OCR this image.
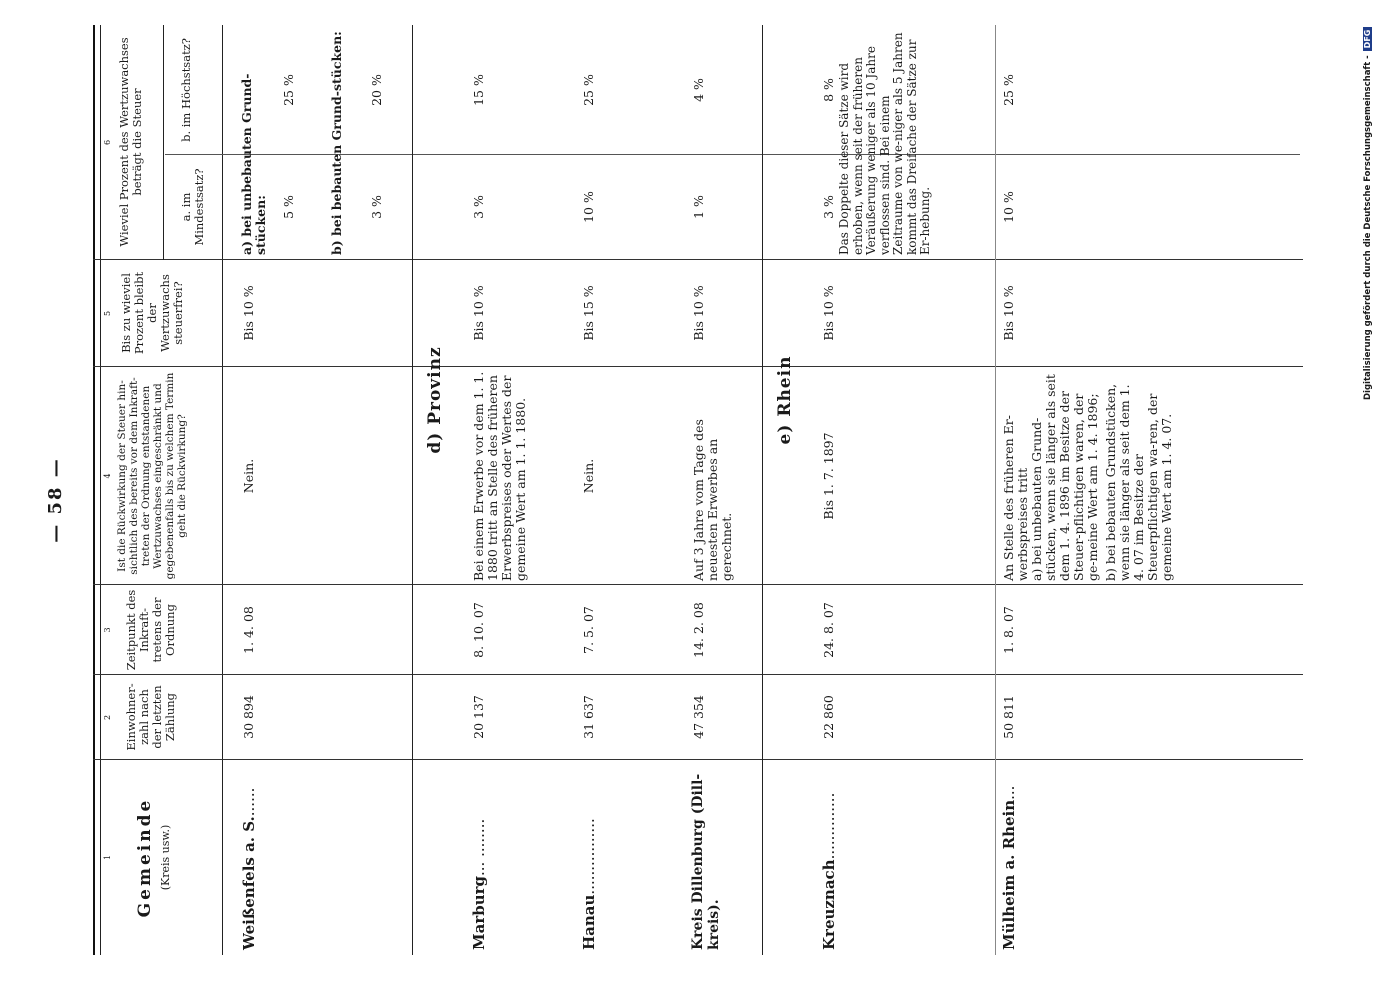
— 58 —
1
2
3
4
5
6
Gemeinde (Kreis usw.)
Einwohner-zahl nach der letzten Zählung
Zeitpunkt des Inkraft-tretens der Ordnung
Ist die Rückwirkung der Steuer hin-sichtlich des bereits vor dem Inkraft-treten der Ordnung entstandenen Wertzuwachses eingeschränkt und gegebenenfalls bis zu welchem Termin geht die Rückwirkung?
Bis zu wieviel Prozent bleibt der Wertzuwachs steuerfrei?
Wieviel Prozent des Wertzuwachses beträgt die Steuer
a. im Mindestsatz?
b. im Höchstsatz?
Weißenfels a. S.......
30 894
1. 4. 08
Nein.
Bis 10 %
a) bei unbebauten Grund-stücken: 5 %
25 %	b) bei bebauten Grund-stücken: 3 %
20 %
d) Provinz
Marburg... ........
20 137
8. 10. 07
Bei einem Erwerbe vor dem 1. 1. 1880 tritt an Stelle des früheren Erwerbspreises oder Wertes der gemeine Wert am 1. 1. 1880.
Bis 10 %
3 %
15 %
Hanau................
31 637
7. 5. 07
Nein.
Bis 15 %
10 %
25 %
Kreis Dillenburg (Dill-kreis).
47 354
14. 2. 08
Auf 3 Jahre vom Tage des neuesten Erwerbes an gerechnet.
Bis 10 %
1 %
4 %
e) Rhein
Kreuznach..............
22 860
24. 8. 07
Bis 1. 7. 1897
Bis 10 %
3 %
8 % Das Doppelte dieser Sätze wird erhoben, wenn seit der früheren Veräußerung weniger als 10 Jahre verflossen sind. Bei einem Zeitraume von we-niger als 5 Jahren kommt das Dreifache der Sätze zur Er-hebung.
Mülheim a. Rhein...
50 811
1. 8. 07
An Stelle des früheren Er-werbspreises tritt a) bei unbebauten Grund-stücken, wenn sie länger als seit dem 1. 4. 1896 im Besitze der Steuer-pflichtigen waren, der ge-meine Wert am 1. 4. 1896; b) bei bebauten Grundstücken, wenn sie länger als seit dem 1. 4. 07 im Besitze der Steuerpflichtigen wa-ren, der gemeine Wert am 1. 4. 07.
Bis 10 %
10 %
25 %	Digitalisierung gefördert durch die Deutsche Forschungsgemeinschaft -DFG
